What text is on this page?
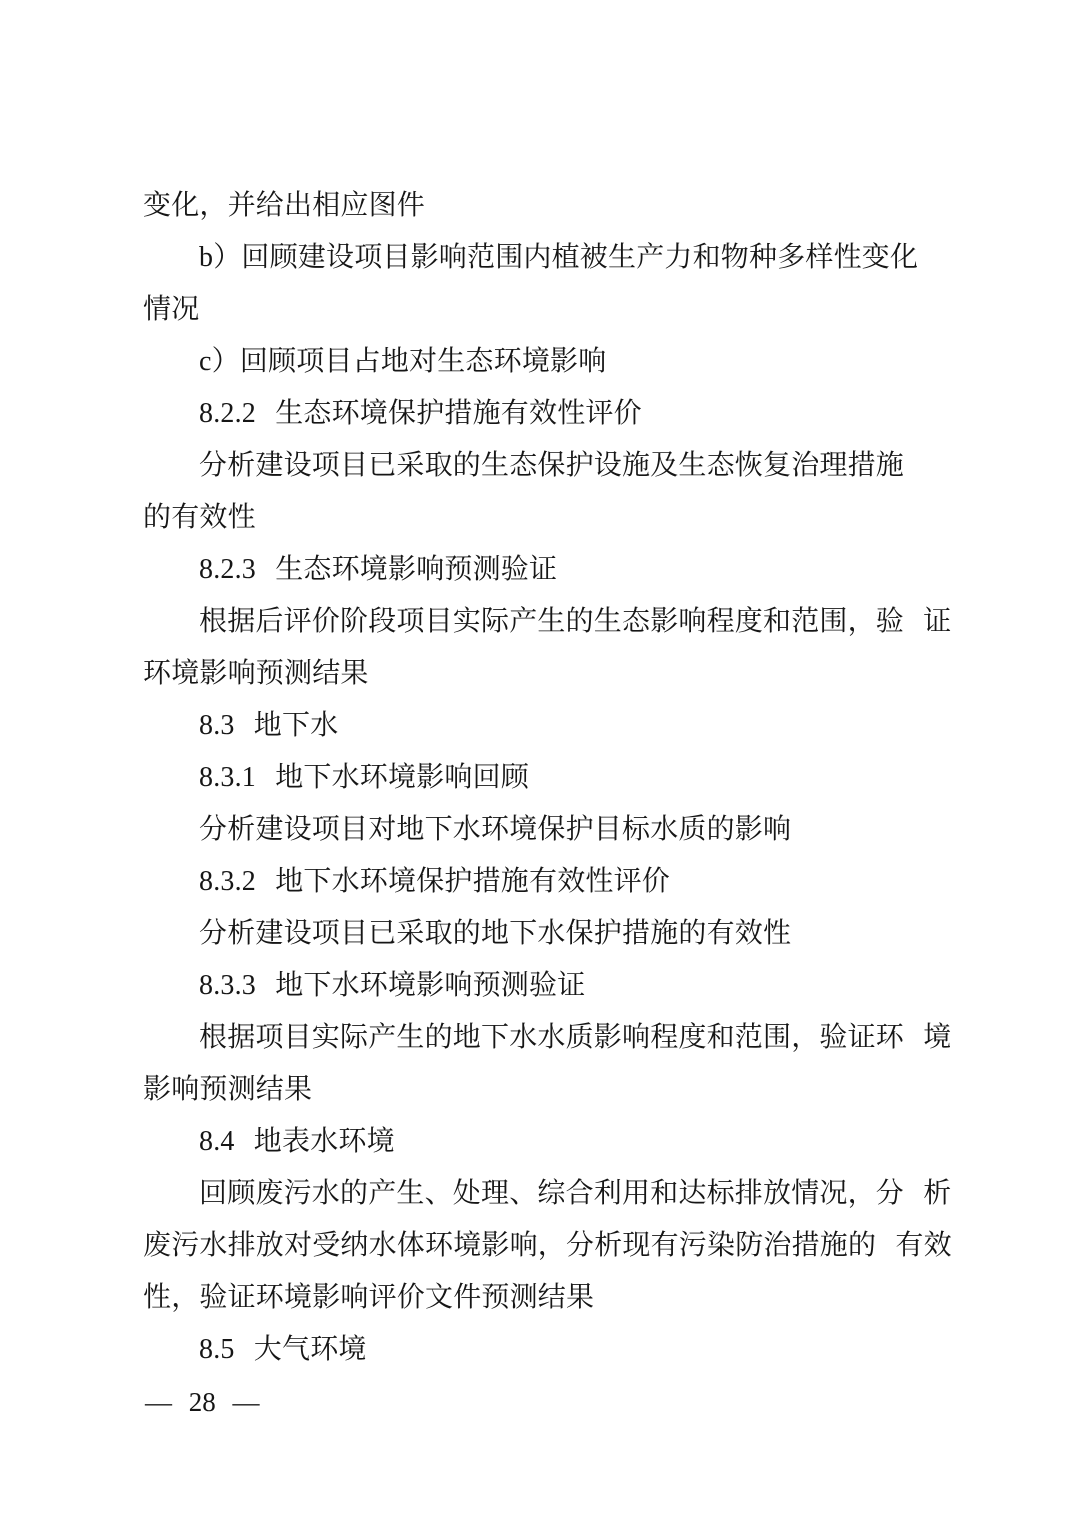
变化，并给出相应图件
b）回顾建设项目影响范围内植被生产力和物种多样性变化
情况
c）回顾项目占地对生态环境影响
8.2.2 生态环境保护措施有效性评价
分析建设项目已采取的生态保护设施及生态恢复治理措施
的有效性
8.2.3 生态环境影响预测验证
根据后评价阶段项目实际产生的生态影响程度和范围，验 证
环境影响预测结果
8.3 地下水
8.3.1 地下水环境影响回顾
分析建设项目对地下水环境保护目标水质的影响
8.3.2 地下水环境保护措施有效性评价
分析建设项目已采取的地下水保护措施的有效性
8.3.3 地下水环境影响预测验证
根据项目实际产生的地下水水质影响程度和范围，验证环 境
影响预测结果
8.4 地表水环境
回顾废污水的产生、处理、综合利用和达标排放情况，分 析
废污水排放对受纳水体环境影响，分析现有污染防治措施的 有效
性，验证环境影响评价文件预测结果
8.5 大气环境
— 28 —
